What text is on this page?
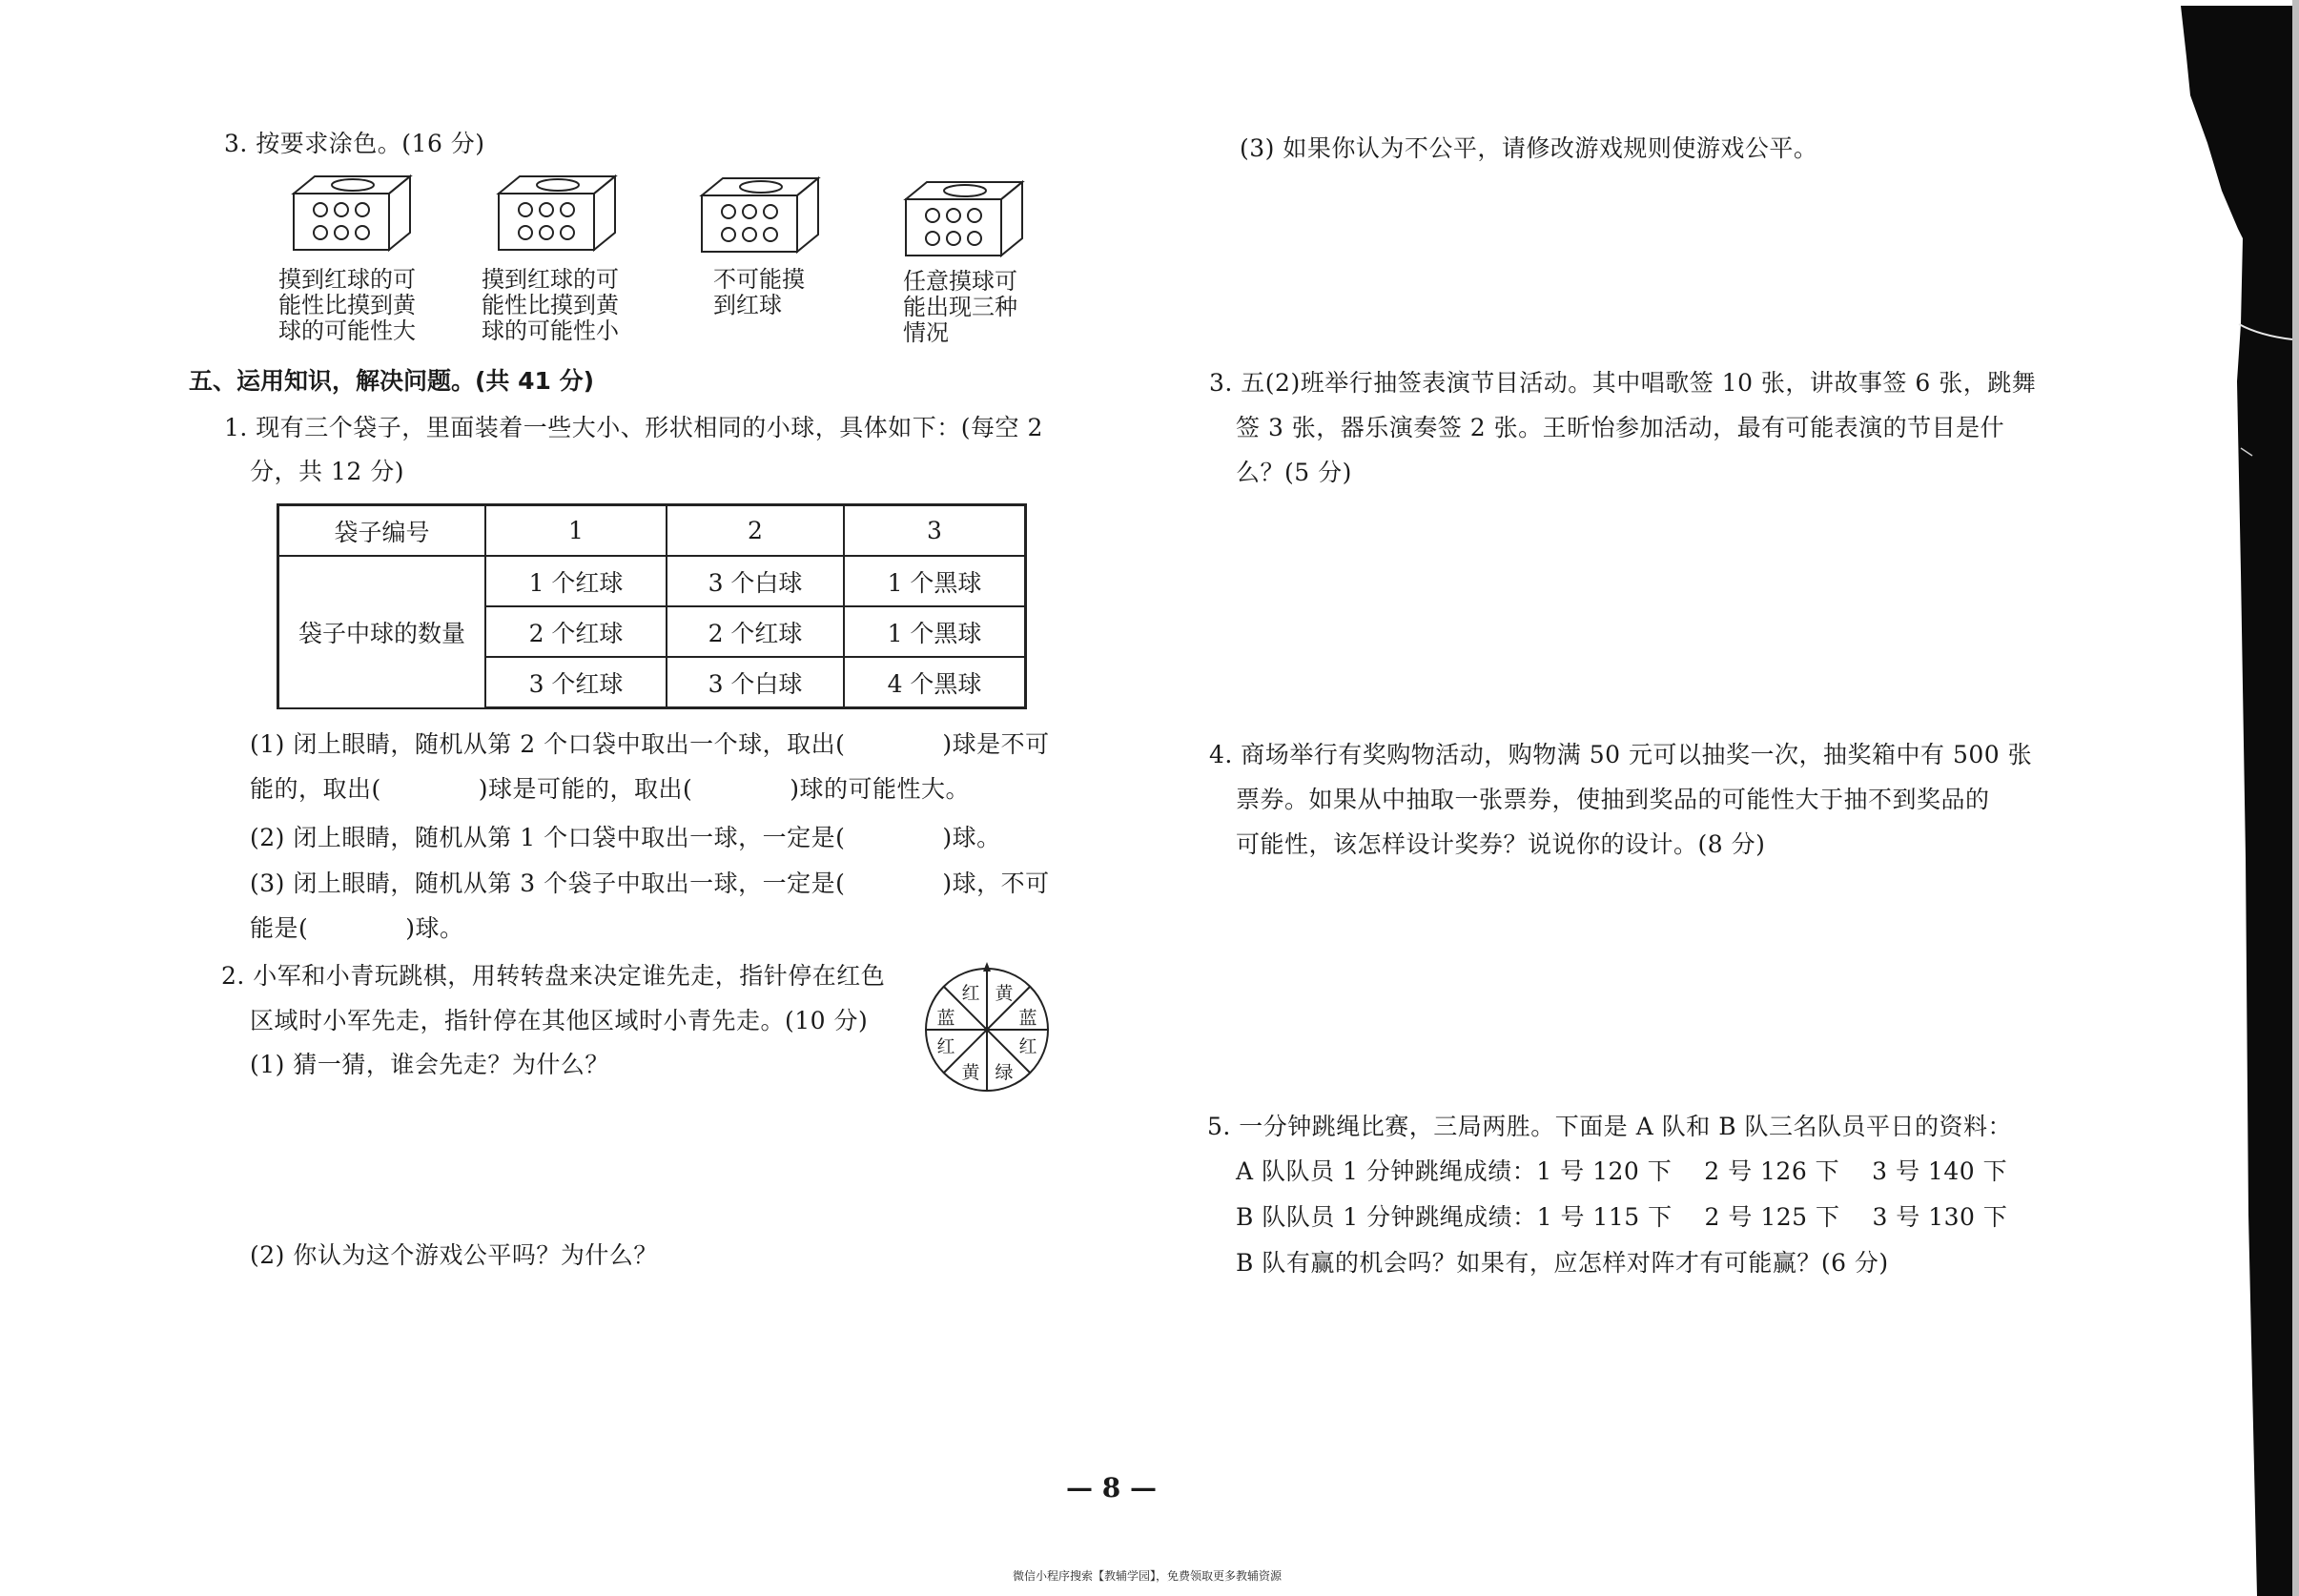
3. 按要求涂色。(16 分)
摸到红球的可
能性比摸到黄
球的可能性大
摸到红球的可
能性比摸到黄
球的可能性小
不可能摸
到红球
任意摸球可
能出现三种
情况
五、运用知识，解决问题。(共 41 分)
1. 现有三个袋子，里面装着一些大小、形状相同的小球，具体如下：(每空 2
分，共 12 分)
袋子编号	1	2	3
袋子中球的数量	1 个红球	3 个白球	1 个黑球
	2 个红球	2 个红球	1 个黑球
	3 个红球	3 个白球	4 个黑球
(1) 闭上眼睛，随机从第 2 个口袋中取出一个球，取出(　　　　)球是不可
能的，取出(　　　　)球是可能的，取出(　　　　)球的可能性大。
(2) 闭上眼睛，随机从第 1 个口袋中取出一球，一定是(　　　　)球。
(3) 闭上眼睛，随机从第 3 个袋子中取出一球，一定是(　　　　)球，不可
能是(　　　　)球。
2. 小军和小青玩跳棋，用转转盘来决定谁先走，指针停在红色
区域时小军先走，指针停在其他区域时小青先走。(10 分)
(1) 猜一猜，谁会先走？为什么？
红 黄
蓝
红
绿
黄
红
蓝
(2) 你认为这个游戏公平吗？为什么？
(3) 如果你认为不公平，请修改游戏规则使游戏公平。
3. 五(2)班举行抽签表演节目活动。其中唱歌签 10 张，讲故事签 6 张，跳舞
签 3 张，器乐演奏签 2 张。王昕怡参加活动，最有可能表演的节目是什
么？(5 分)
4. 商场举行有奖购物活动，购物满 50 元可以抽奖一次，抽奖箱中有 500 张
票券。如果从中抽取一张票券，使抽到奖品的可能性大于抽不到奖品的
可能性，该怎样设计奖券？说说你的设计。(8 分)
5. 一分钟跳绳比赛，三局两胜。下面是 A 队和 B 队三名队员平日的资料：
A 队队员 1 分钟跳绳成绩：1 号 120 下　 2 号 126 下　 3 号 140 下
B 队队员 1 分钟跳绳成绩：1 号 115 下　 2 号 125 下　 3 号 130 下
B 队有赢的机会吗？如果有，应怎样对阵才有可能赢？(6 分)
— 8 —
微信小程序搜索【教辅学园】，免费领取更多教辅资源
